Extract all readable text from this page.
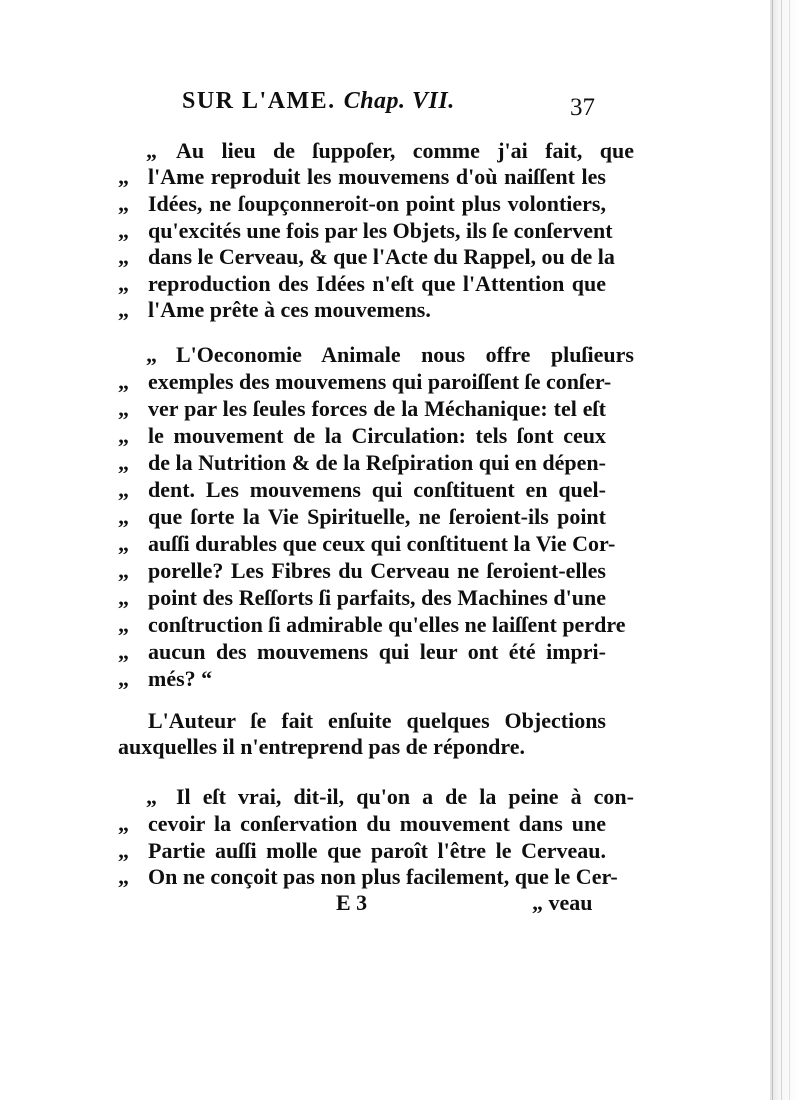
SUR L'AME. Chap. VII.	37
„ Au lieu de ſuppoſer, comme j'ai fait, que
„ l'Ame reproduit les mouvemens d'où naiſſent les
„ Idées, ne ſoupçonneroit-on point plus volontiers,
„ qu'excités une fois par les Objets, ils ſe conſervent
„ dans le Cerveau, & que l'Acte du Rappel, ou de la
„ reproduction des Idées n'eſt que l'Attention que
„ l'Ame prête à ces mouvemens.
„ L'Oeconomie Animale nous offre pluſieurs
„ exemples des mouvemens qui paroiſſent ſe conſer-
„ ver par les ſeules forces de la Méchanique: tel eſt
„ le mouvement de la Circulation: tels ſont ceux
„ de la Nutrition & de la Reſpiration qui en dépen-
„ dent. Les mouvemens qui conſtituent en quel-
„ que ſorte la Vie Spirituelle, ne ſeroient-ils point
„ auſſi durables que ceux qui conſtituent la Vie Cor-
„ porelle? Les Fibres du Cerveau ne ſeroient-elles
„ point des Reſſorts ſi parfaits, des Machines d'une
„ conſtruction ſi admirable qu'elles ne laiſſent perdre
„ aucun des mouvemens qui leur ont été impri-
„ més? “
L'Auteur ſe fait enſuite quelques Objections
auxquelles il n'entreprend pas de répondre.
„ Il eſt vrai, dit-il, qu'on a de la peine à con-
„ cevoir la conſervation du mouvement dans une
„ Partie auſſi molle que paroît l'être le Cerveau.
„ On ne conçoit pas non plus facilement, que le Cer-
E 3	„ veau
